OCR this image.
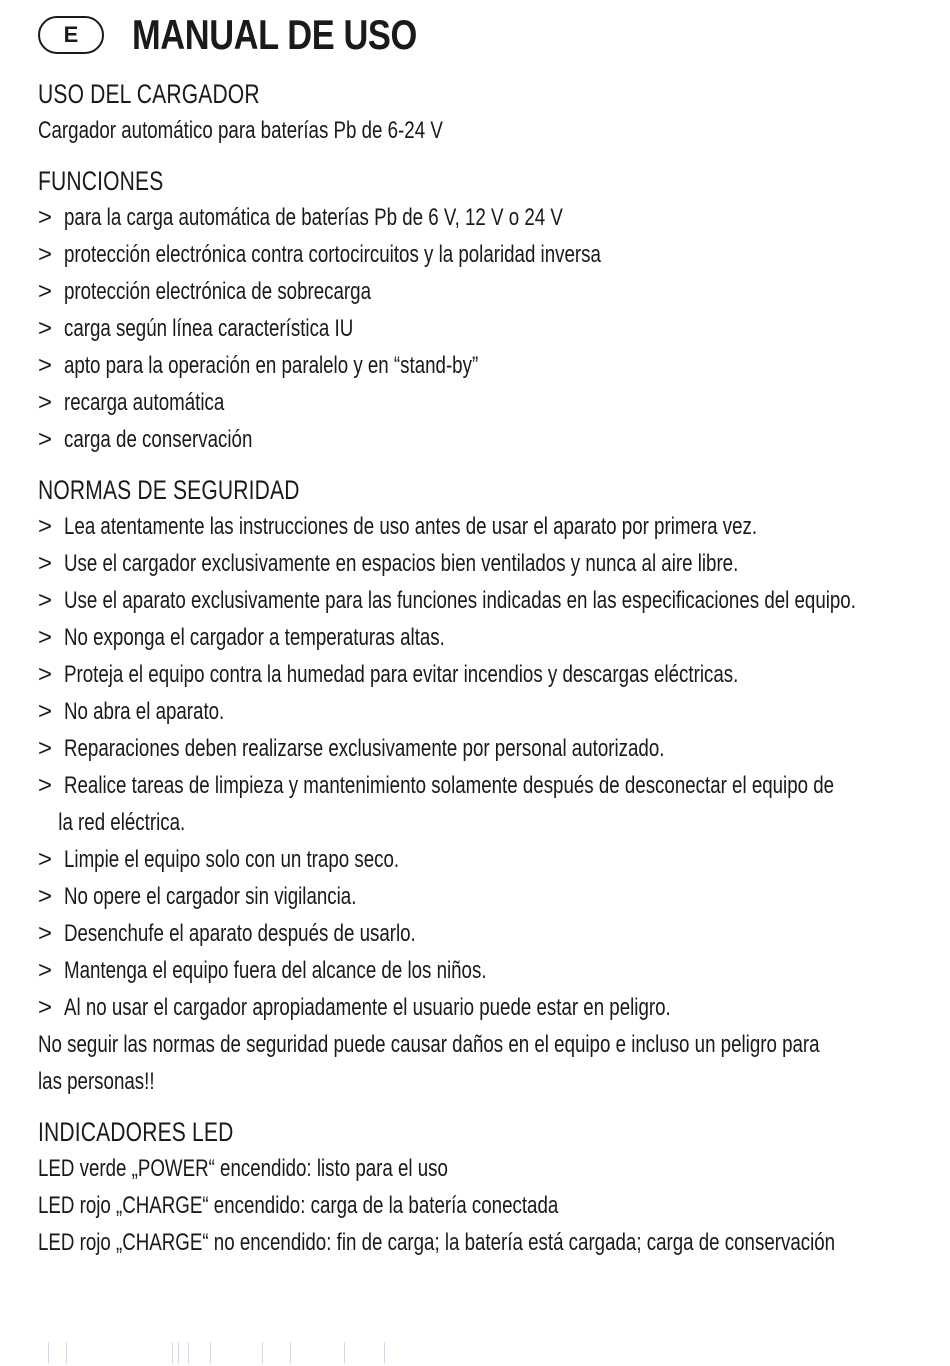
E	MANUAL DE USO
USO DEL CARGADOR
Cargador automático para baterías Pb de 6-24 V
FUNCIONES
> para la carga automática de baterías Pb de 6 V, 12 V o 24 V
> protección electrónica contra cortocircuitos y la polaridad inversa
> protección electrónica de sobrecarga
> carga según línea característica IU
> apto para la operación en paralelo y en “stand-by”
> recarga automática
> carga de conservación
NORMAS DE SEGURIDAD
> Lea atentamente las instrucciones de uso antes de usar el aparato por primera vez.
> Use el cargador exclusivamente en espacios bien ventilados y nunca al aire libre.
> Use el aparato exclusivamente para las funciones indicadas en las especificaciones del equipo.
> No exponga el cargador a temperaturas altas.
> Proteja el equipo contra la humedad para evitar incendios y descargas eléctricas.
> No abra el aparato.
> Reparaciones deben realizarse exclusivamente por personal autorizado.
> Realice tareas de limpieza y mantenimiento solamente después de desconectar el equipo de
la red eléctrica.
> Limpie el equipo solo con un trapo seco.
> No opere el cargador sin vigilancia.
> Desenchufe el aparato después de usarlo.
> Mantenga el equipo fuera del alcance de los niños.
> Al no usar el cargador apropiadamente el usuario puede estar en peligro.
No seguir las normas de seguridad puede causar daños en el equipo e incluso un peligro para
las personas!!
INDICADORES LED
LED verde „POWER“ encendido: listo para el uso
LED rojo „CHARGE“ encendido: carga de la batería conectada
LED rojo „CHARGE“ no encendido: fin de carga; la batería está cargada; carga de conservación
